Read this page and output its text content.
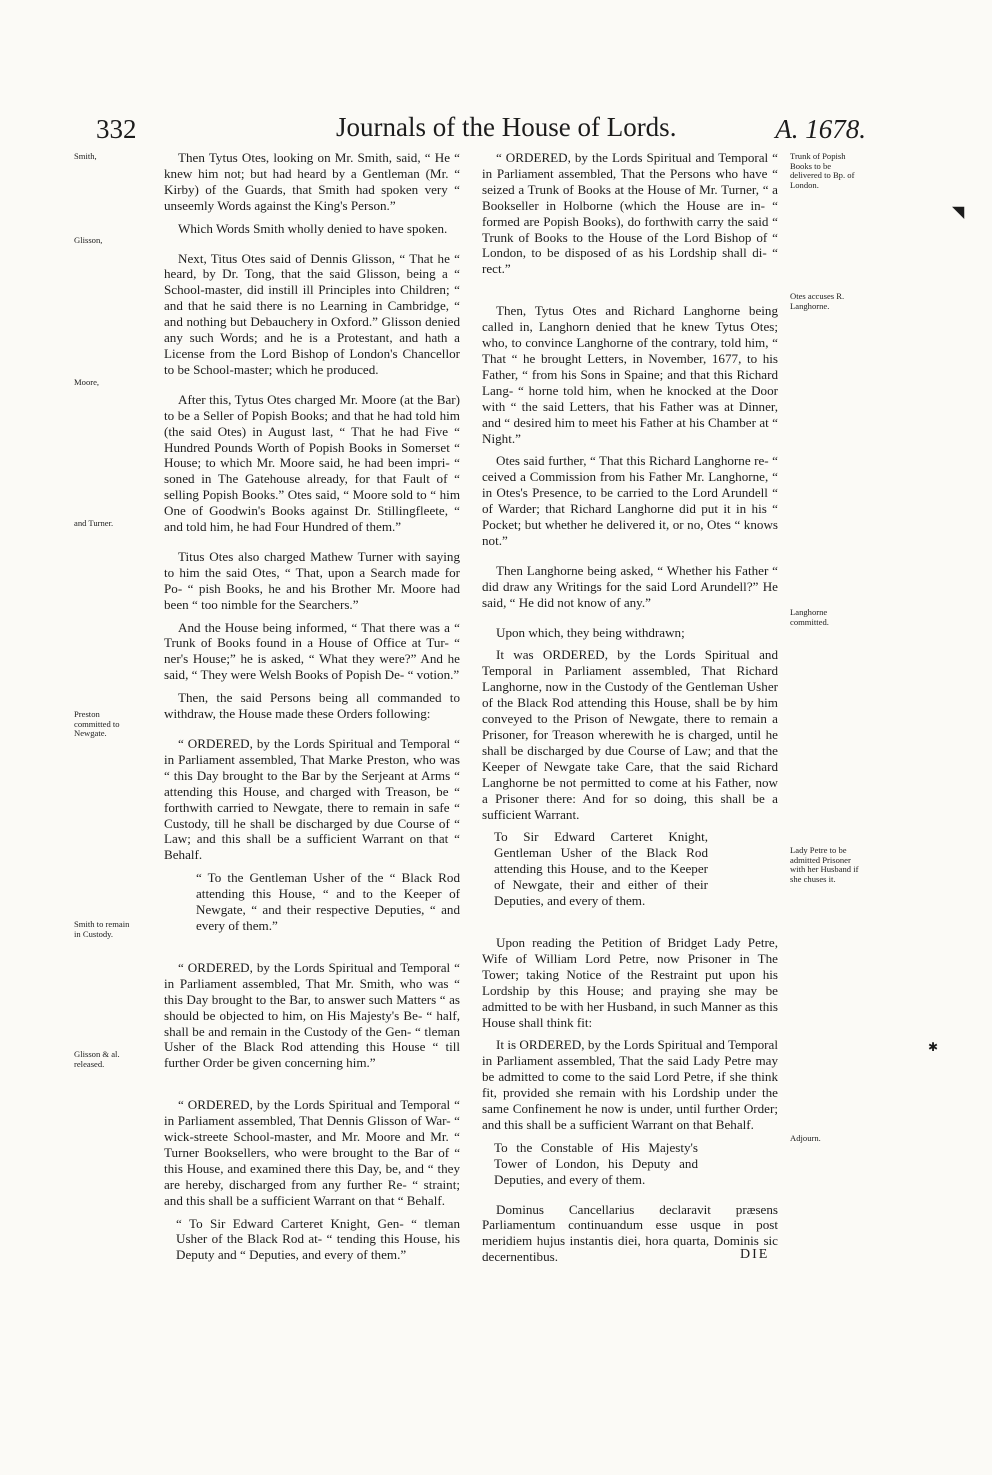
332	Journals of the House of Lords.	A. 1678.
Smith,
Glisson,
Moore,
and Turner.
Preston committed to Newgate.
Smith to remain in Custody.
Glisson & al. released.
Trunk of Popish Books to be delivered to Bp. of London.
Otes accuses R. Langhorne.
Langhorne committed.
Lady Petre to be admitted Prisoner with her Husband if she chuses it.
Adjourn.

Then Tytus Otes, looking on Mr. Smith, said, “ He “ knew him not; but had heard by a Gentleman (Mr. “ Kirby) of the Guards, that Smith had spoken very “ unseemly Words against the King's Person.”

Which Words Smith wholly denied to have spoken.

Next, Titus Otes said of Dennis Glisson, “ That he “ heard, by Dr. Tong, that the said Glisson, being a “ School-master, did instill ill Principles into Children; “ and that he said there is no Learning in Cambridge, “ and nothing but Debauchery in Oxford.” Glisson denied any such Words; and he is a Protestant, and hath a License from the Lord Bishop of London's Chancellor to be School-master; which he produced.

After this, Tytus Otes charged Mr. Moore (at the Bar) to be a Seller of Popish Books; and that he had told him (the said Otes) in August last, “ That he had Five “ Hundred Pounds Worth of Popish Books in Somerset “ House; to which Mr. Moore said, he had been impri- “ soned in The Gatehouse already, for that Fault of “ selling Popish Books.” Otes said, “ Moore sold to “ him One of Goodwin's Books against Dr. Stillingfleete, “ and told him, he had Four Hundred of them.”

Titus Otes also charged Mathew Turner with saying to him the said Otes, “ That, upon a Search made for Po- “ pish Books, he and his Brother Mr. Moore had been “ too nimble for the Searchers.”

And the House being informed, “ That there was a “ Trunk of Books found in a House of Office at Tur- “ ner's House;” he is asked, “ What they were?” And he said, “ They were Welsh Books of Popish De- “ votion.”

Then, the said Persons being all commanded to withdraw, the House made these Orders following:

“ ORDERED, by the Lords Spiritual and Temporal “ in Parliament assembled, That Marke Preston, who was “ this Day brought to the Bar by the Serjeant at Arms “ attending this House, and charged with Treason, be “ forthwith carried to Newgate, there to remain in safe “ Custody, till he shall be discharged by due Course of “ Law; and this shall be a sufficient Warrant on that “ Behalf.

“ To the Gentleman Usher of the “ Black Rod attending this House, “ and to the Keeper of Newgate, “ and their respective Deputies, “ and every of them.”

“ ORDERED, by the Lords Spiritual and Temporal “ in Parliament assembled, That Mr. Smith, who was “ this Day brought to the Bar, to answer such Matters “ as should be objected to him, on His Majesty's Be- “ half, shall be and remain in the Custody of the Gen- “ tleman Usher of the Black Rod attending this House “ till further Order be given concerning him.”

“ ORDERED, by the Lords Spiritual and Temporal “ in Parliament assembled, That Dennis Glisson of War- “ wick-streete School-master, and Mr. Moore and Mr. “ Turner Booksellers, who were brought to the Bar of “ this House, and examined there this Day, be, and “ they are hereby, discharged from any further Re- “ straint; and this shall be a sufficient Warrant on that “ Behalf.

“ To Sir Edward Carteret Knight, Gen- “ tleman Usher of the Black Rod at- “ tending this House, his Deputy and “ Deputies, and every of them.”

“ ORDERED, by the Lords Spiritual and Temporal “ in Parliament assembled, That the Persons who have “ seized a Trunk of Books at the House of Mr. Turner, “ a Bookseller in Holborne (which the House are in- “ formed are Popish Books), do forthwith carry the said “ Trunk of Books to the House of the Lord Bishop of “ London, to be disposed of as his Lordship shall di- “ rect.”

Then, Tytus Otes and Richard Langhorne being called in, Langhorn denied that he knew Tytus Otes; who, to convince Langhorne of the contrary, told him, “ That “ he brought Letters, in November, 1677, to his Father, “ from his Sons in Spaine; and that this Richard Lang- “ horne told him, when he knocked at the Door with “ the said Letters, that his Father was at Dinner, and “ desired him to meet his Father at his Chamber at “ Night.”

Otes said further, “ That this Richard Langhorne re- “ ceived a Commission from his Father Mr. Langhorne, “ in Otes's Presence, to be carried to the Lord Arundell “ of Warder; that Richard Langhorne did put it in his “ Pocket; but whether he delivered it, or no, Otes “ knows not.”

Then Langhorne being asked, “ Whether his Father “ did draw any Writings for the said Lord Arundell?” He said, “ He did not know of any.”

Upon which, they being withdrawn;

It was ORDERED, by the Lords Spiritual and Temporal in Parliament assembled, That Richard Langhorne, now in the Custody of the Gentleman Usher of the Black Rod attending this House, shall be by him conveyed to the Prison of Newgate, there to remain a Prisoner, for Treason wherewith he is charged, until he shall be discharged by due Course of Law; and that the Keeper of Newgate take Care, that the said Richard Langhorne be not permitted to come at his Father, now a Prisoner there: And for so doing, this shall be a sufficient Warrant.

To Sir Edward Carteret Knight, Gentleman Usher of the Black Rod attending this House, and to the Keeper of Newgate, their and either of their Deputies, and every of them.

Upon reading the Petition of Bridget Lady Petre, Wife of William Lord Petre, now Prisoner in The Tower; taking Notice of the Restraint put upon his Lordship by this House; and praying she may be admitted to be with her Husband, in such Manner as this House shall think fit:

It is ORDERED, by the Lords Spiritual and Temporal in Parliament assembled, That the said Lady Petre may be admitted to come to the said Lord Petre, if she think fit, provided she remain with his Lordship under the same Confinement he now is under, until further Order; and this shall be a sufficient Warrant on that Behalf.

To the Constable of His Majesty's Tower of London, his Deputy and Deputies, and every of them.

Dominus Cancellarius declaravit præsens Parliamentum continuandum esse usque in post meridiem hujus instantis diei, hora quarta, Dominis sic decernentibus.	DIE
◥
✱
